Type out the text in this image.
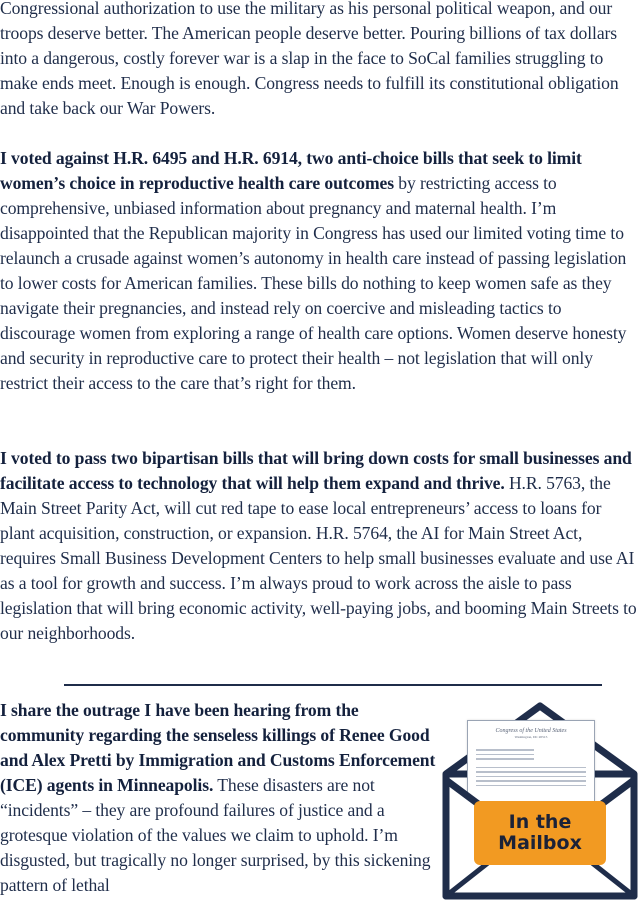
Congressional authorization to use the military as his personal political weapon, and our troops deserve better. The American people deserve better. Pouring billions of tax dollars into a dangerous, costly forever war is a slap in the face to SoCal families struggling to make ends meet. Enough is enough. Congress needs to fulfill its constitutional obligation and take back our War Powers.

I voted against H.R. 6495 and H.R. 6914, two anti-choice bills that seek to limit women’s choice in reproductive health care outcomes by restricting access to comprehensive, unbiased information about pregnancy and maternal health. I’m disappointed that the Republican majority in Congress has used our limited voting time to relaunch a crusade against women’s autonomy in health care instead of passing legislation to lower costs for American families. These bills do nothing to keep women safe as they navigate their pregnancies, and instead rely on coercive and misleading tactics to discourage women from exploring a range of health care options. Women deserve honesty and security in reproductive care to protect their health – not legislation that will only restrict their access to the care that’s right for them.

I voted to pass two bipartisan bills that will bring down costs for small businesses and facilitate access to technology that will help them expand and thrive. H.R. 5763, the Main Street Parity Act, will cut red tape to ease local entrepreneurs’ access to loans for plant acquisition, construction, or expansion. H.R. 5764, the AI for Main Street Act, requires Small Business Development Centers to help small businesses evaluate and use AI as a tool for growth and success. I’m always proud to work across the aisle to pass legislation that will bring economic activity, well-paying jobs, and booming Main Streets to our neighborhoods.

I share the outrage I have been hearing from the community regarding the senseless killings of Renee Good and Alex Pretti by Immigration and Customs Enforcement (ICE) agents in Minneapolis. These disasters are not “incidents” – they are profound failures of justice and a grotesque violation of the values we claim to uphold. I’m disgusted, but tragically no longer surprised, by this sickening pattern of lethal

Congress of the United States
Washington, DC 20515
In the
Mailbox
